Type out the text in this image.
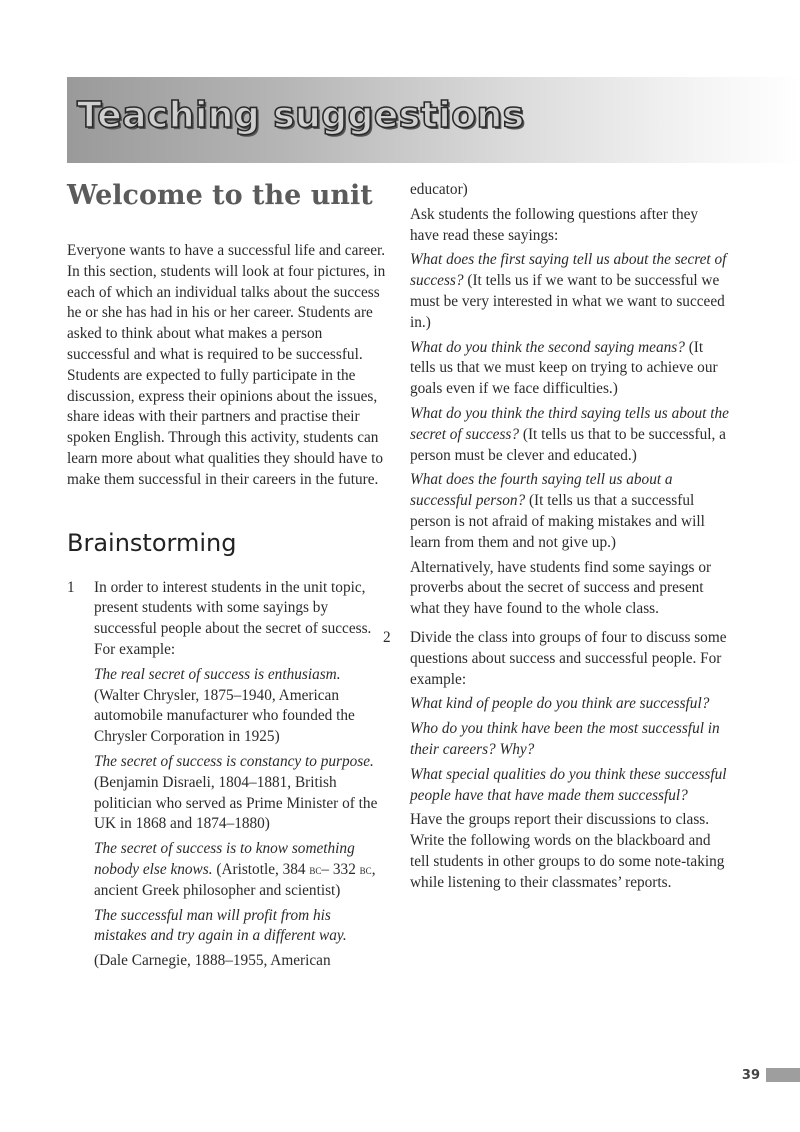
Teaching suggestions
Welcome to the unit

Everyone wants to have a successful life and career. In this section, students will look at four pictures, in each of which an individual talks about the success he or she has had in his or her career. Students are asked to think about what makes a person successful and what is required to be successful. Students are expected to fully participate in the discussion, express their opinions about the issues, share ideas with their partners and practise their spoken English. Through this activity, students can learn more about what qualities they should have to make them successful in their careers in the future.

Brainstorming
1 In order to interest students in the unit topic, present students with some sayings by successful people about the secret of success. For example:

The real secret of success is enthusiasm. (Walter Chrysler, 1875–1940, American automobile manufacturer who founded the Chrysler Corporation in 1925)

The secret of success is constancy to purpose. (Benjamin Disraeli, 1804–1881, British politician who served as Prime Minister of the UK in 1868 and 1874–1880)

The secret of success is to know something nobody else knows. (Aristotle, 384 bc– 332 bc, ancient Greek philosopher and scientist)

The successful man will profit from his mistakes and try again in a different way.

(Dale Carnegie, 1888–1955, American

educator)

Ask students the following questions after they have read these sayings:

What does the first saying tell us about the secret of success? (It tells us if we want to be successful we must be very interested in what we want to succeed in.)

What do you think the second saying means? (It tells us that we must keep on trying to achieve our goals even if we face difficulties.)

What do you think the third saying tells us about the secret of success? (It tells us that to be successful, a person must be clever and educated.)

What does the fourth saying tell us about a successful person? (It tells us that a successful person is not afraid of making mistakes and will learn from them and not give up.)

Alternatively, have students find some sayings or proverbs about the secret of success and present what they have found to the whole class.

2 Divide the class into groups of four to discuss some questions about success and successful people. For example:

What kind of people do you think are successful?

Who do you think have been the most successful in their careers? Why?

What special qualities do you think these successful people have that have made them successful?

Have the groups report their discussions to class. Write the following words on the blackboard and tell students in other groups to do some note-taking while listening to their classmates’ reports.

39
